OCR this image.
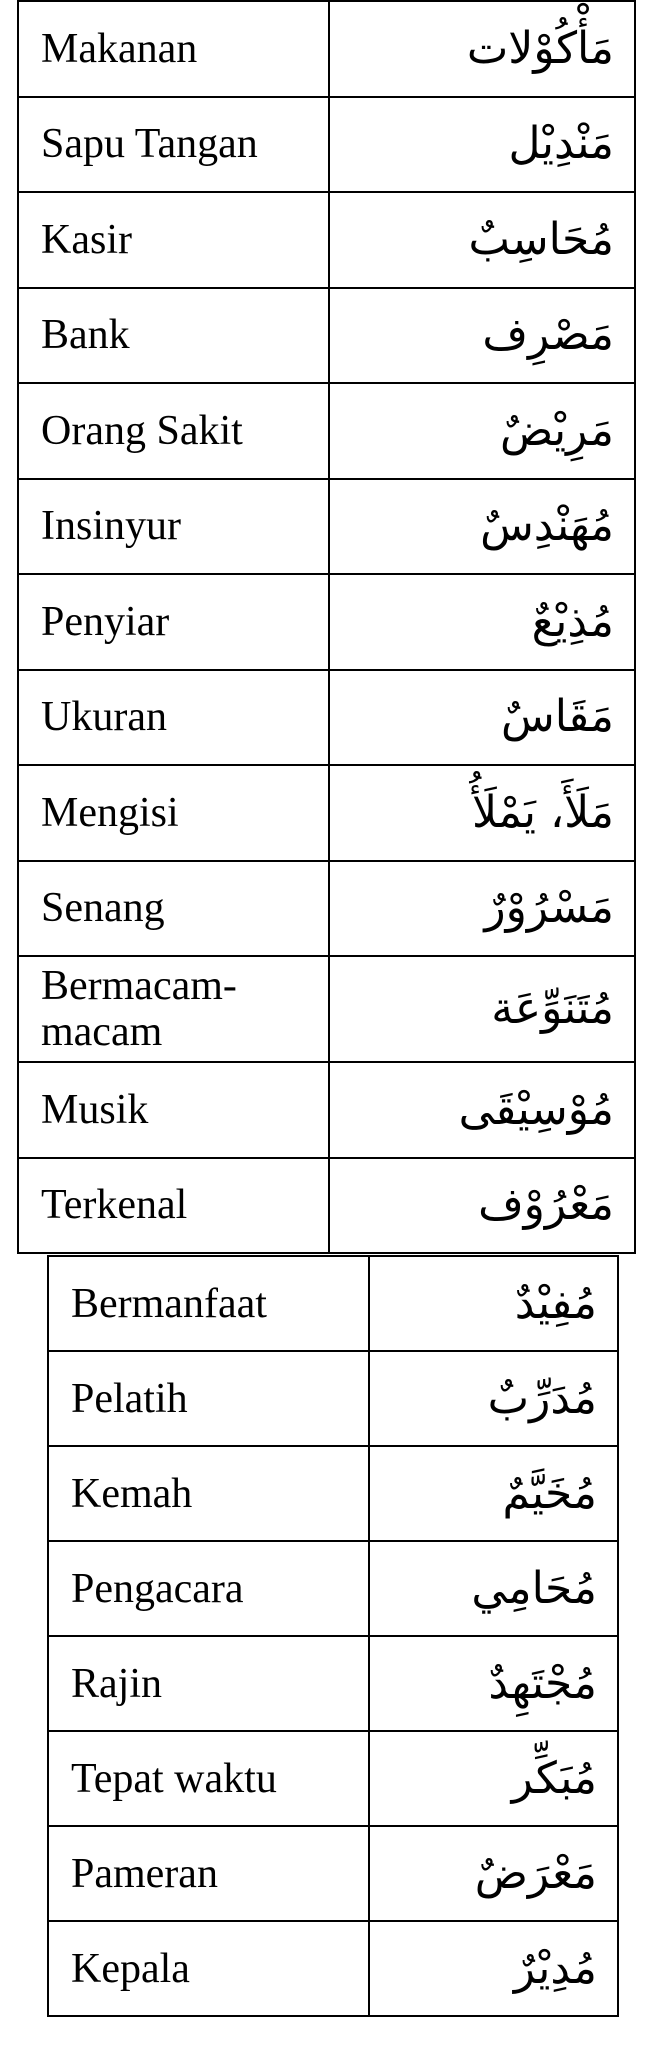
Makanan	مَأْكُوْلات
Sapu Tangan	مَنْدِيْل
Kasir	مُحَاسِبٌ
Bank	مَصْرِف
Orang Sakit	مَرِيْضٌ
Insinyur	مُهَنْدِسٌ
Penyiar	مُذِيْعٌ
Ukuran	مَقَاسٌ
Mengisi	مَلَأَ، يَمْلَأُ
Senang	مَسْرُوْرٌ
Bermacam-macam	مُتَنَوِّعَة
Musik	مُوْسِيْقَى
Terkenal	مَعْرُوْف
Bermanfaat	مُفِيْدٌ
Pelatih	مُدَرِّبٌ
Kemah	مُخَيَّمٌ
Pengacara	مُحَامِي
Rajin	مُجْتَهِدٌ
Tepat waktu	مُبَكِّر
Pameran	مَعْرَضٌ
Kepala	مُدِيْرٌ
